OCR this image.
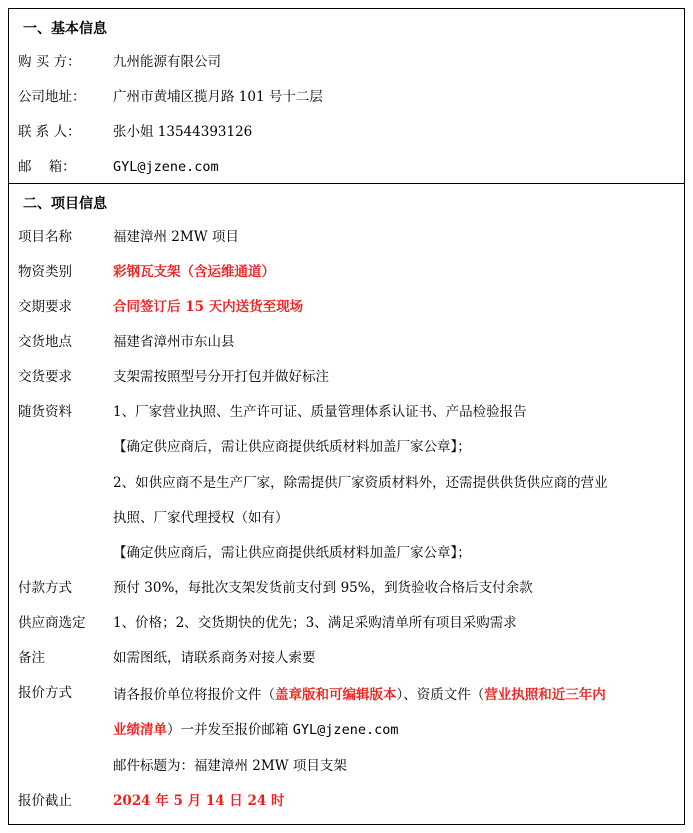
一、基本信息
购 买 方：	九州能源有限公司
公司地址：	广州市黄埔区揽月路 101 号十二层
联 系 人：	张小姐 13544393126
邮    箱：	GYL@jzene.com
二、项目信息
项目名称	福建漳州 2MW 项目
物资类别	彩钢瓦支架（含运维通道）
交期要求	合同签订后 15 天内送货至现场
交货地点	福建省漳州市东山县
交货要求	支架需按照型号分开打包并做好标注
随货资料	1、厂家营业执照、生产许可证、质量管理体系认证书、产品检验报告
【确定供应商后，需让供应商提供纸质材料加盖厂家公章】；
2、如供应商不是生产厂家，除需提供厂家资质材料外，还需提供供货供应商的营业
执照、厂家代理授权（如有）
【确定供应商后，需让供应商提供纸质材料加盖厂家公章】；
付款方式	预付 30%，每批次支架发货前支付到 95%，到货验收合格后支付余款
供应商选定	1、价格；2、交货期快的优先；3、满足采购清单所有项目采购需求
备注	如需图纸，请联系商务对接人索要
报价方式	请各报价单位将报价文件（盖章版和可编辑版本）、资质文件（营业执照和近三年内
业绩清单）一并发至报价邮箱 GYL@jzene.com
邮件标题为：福建漳州 2MW 项目支架
报价截止	2024 年 5 月 14 日 24 时
